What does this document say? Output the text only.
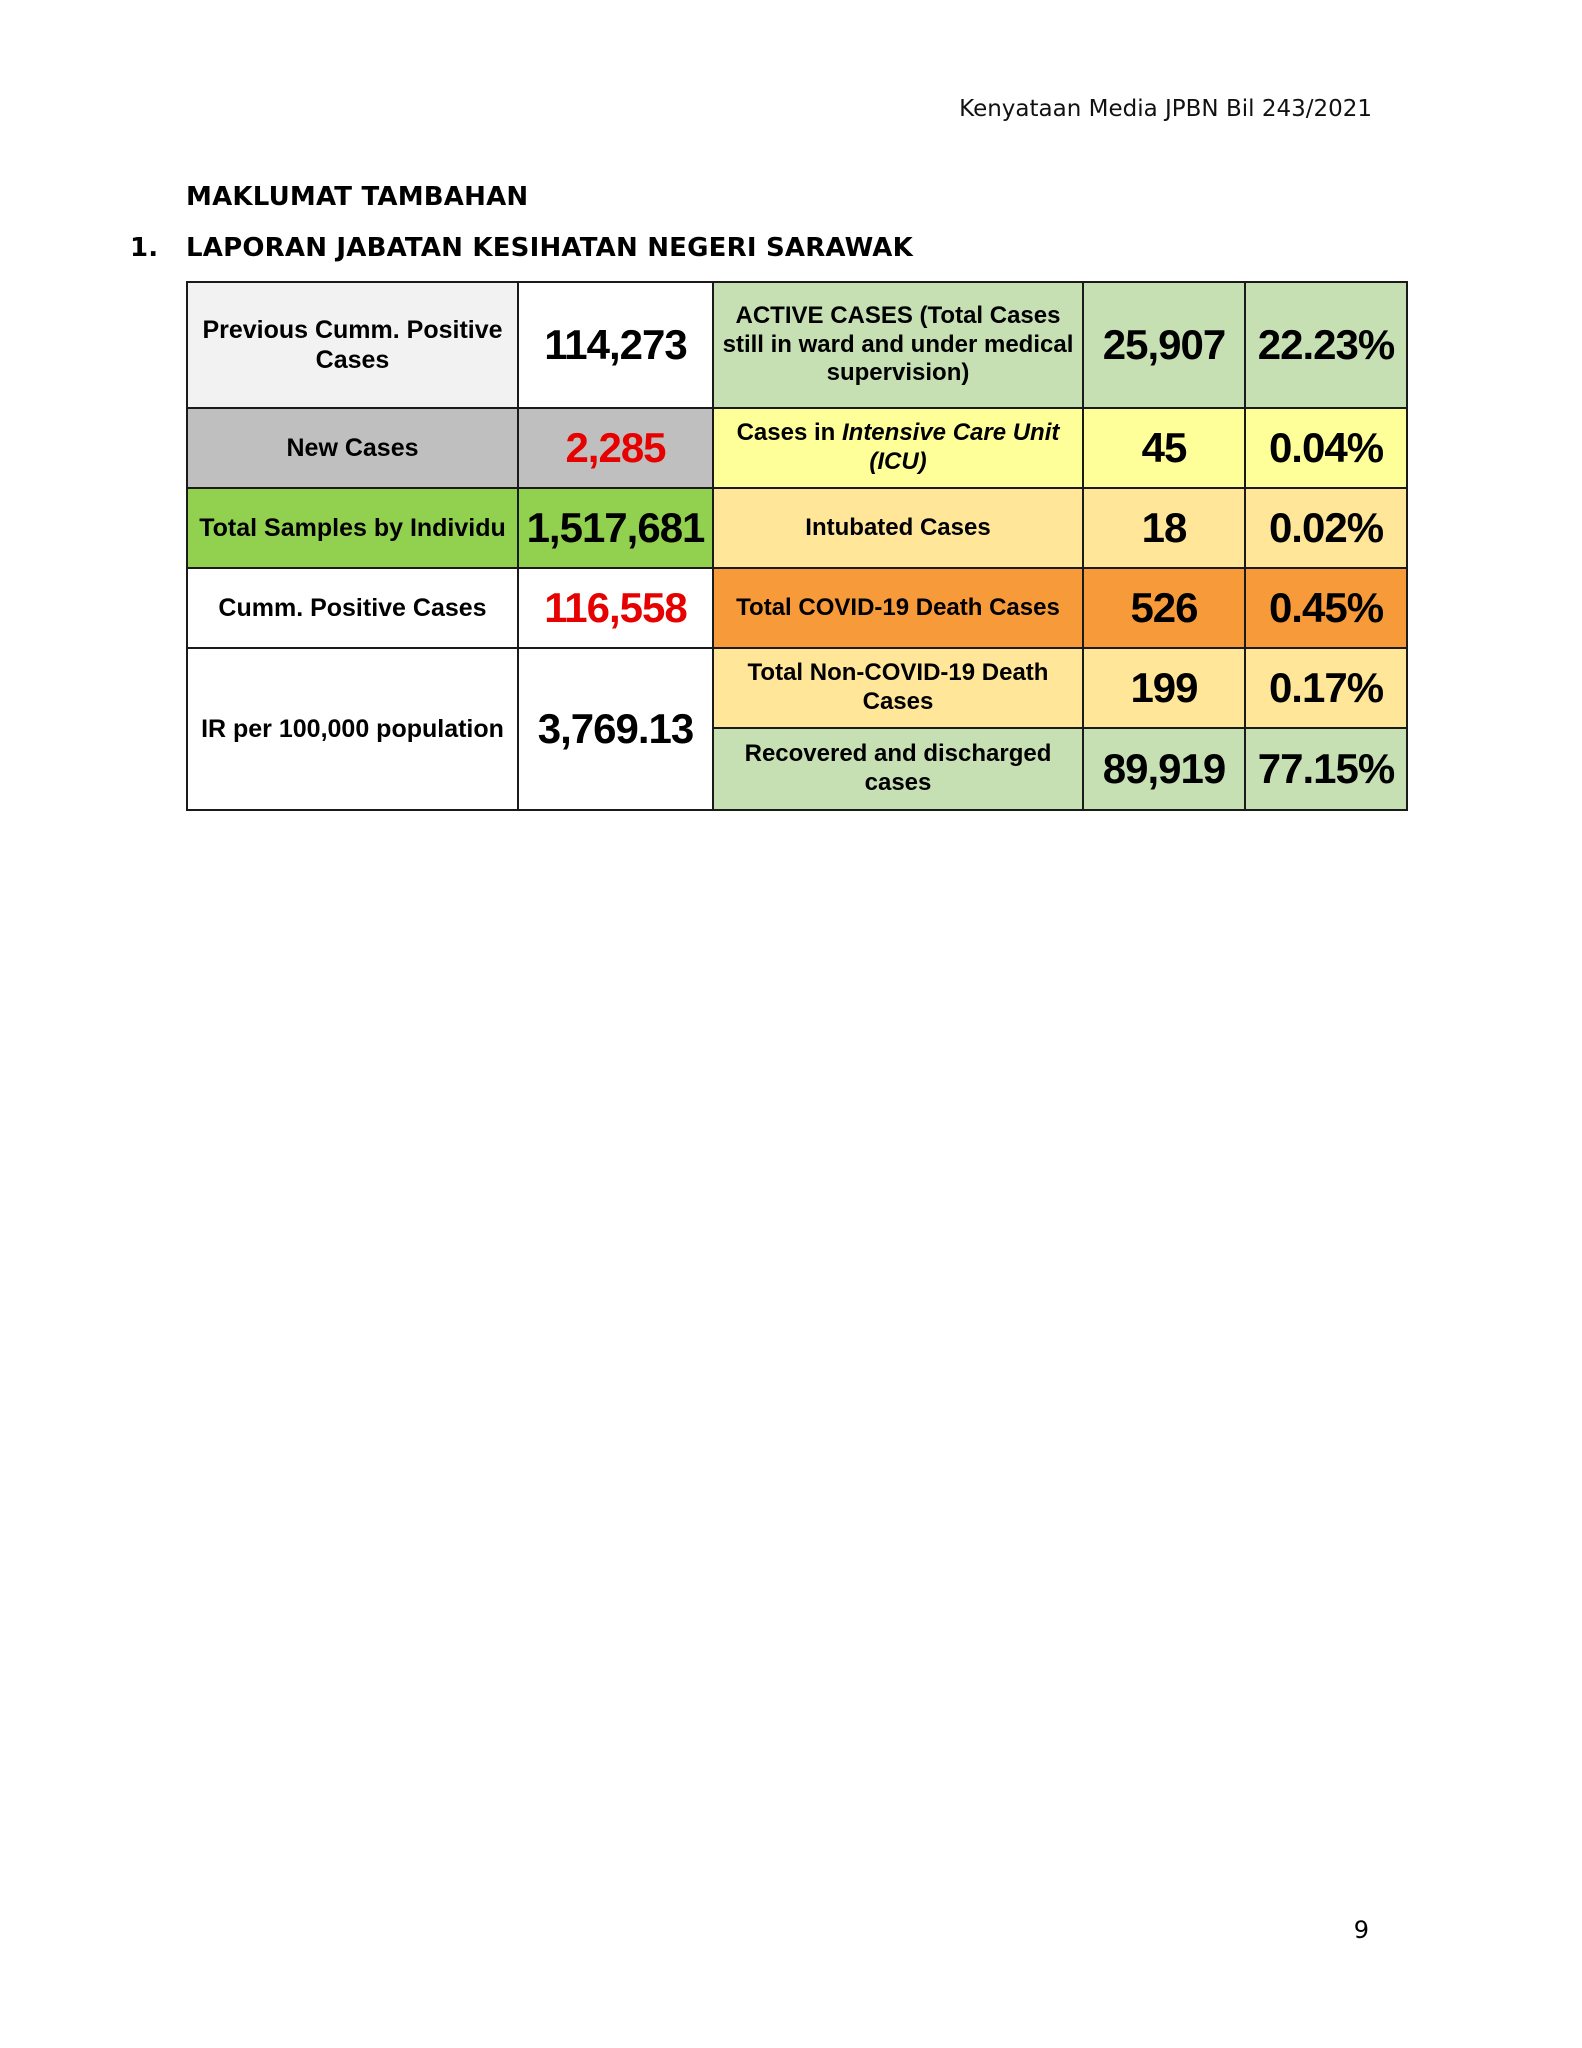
Kenyataan Media JPBN Bil 243/2021
MAKLUMAT TAMBAHAN
1. LAPORAN JABATAN KESIHATAN NEGERI SARAWAK
Previous Cumm. Positive Cases	114,273	ACTIVE CASES (Total Cases still in ward and under medical supervision)	25,907	22.23%
New Cases	2,285	Cases in Intensive Care Unit (ICU)	45	0.04%
Total Samples by Individu	1,517,681	Intubated Cases	18	0.02%
Cumm. Positive Cases	116,558	Total COVID-19 Death Cases	526	0.45%
IR per 100,000 population	3,769.13	Total Non-COVID-19 Death Cases	199	0.17%
		Recovered and discharged cases	89,919	77.15%
9
